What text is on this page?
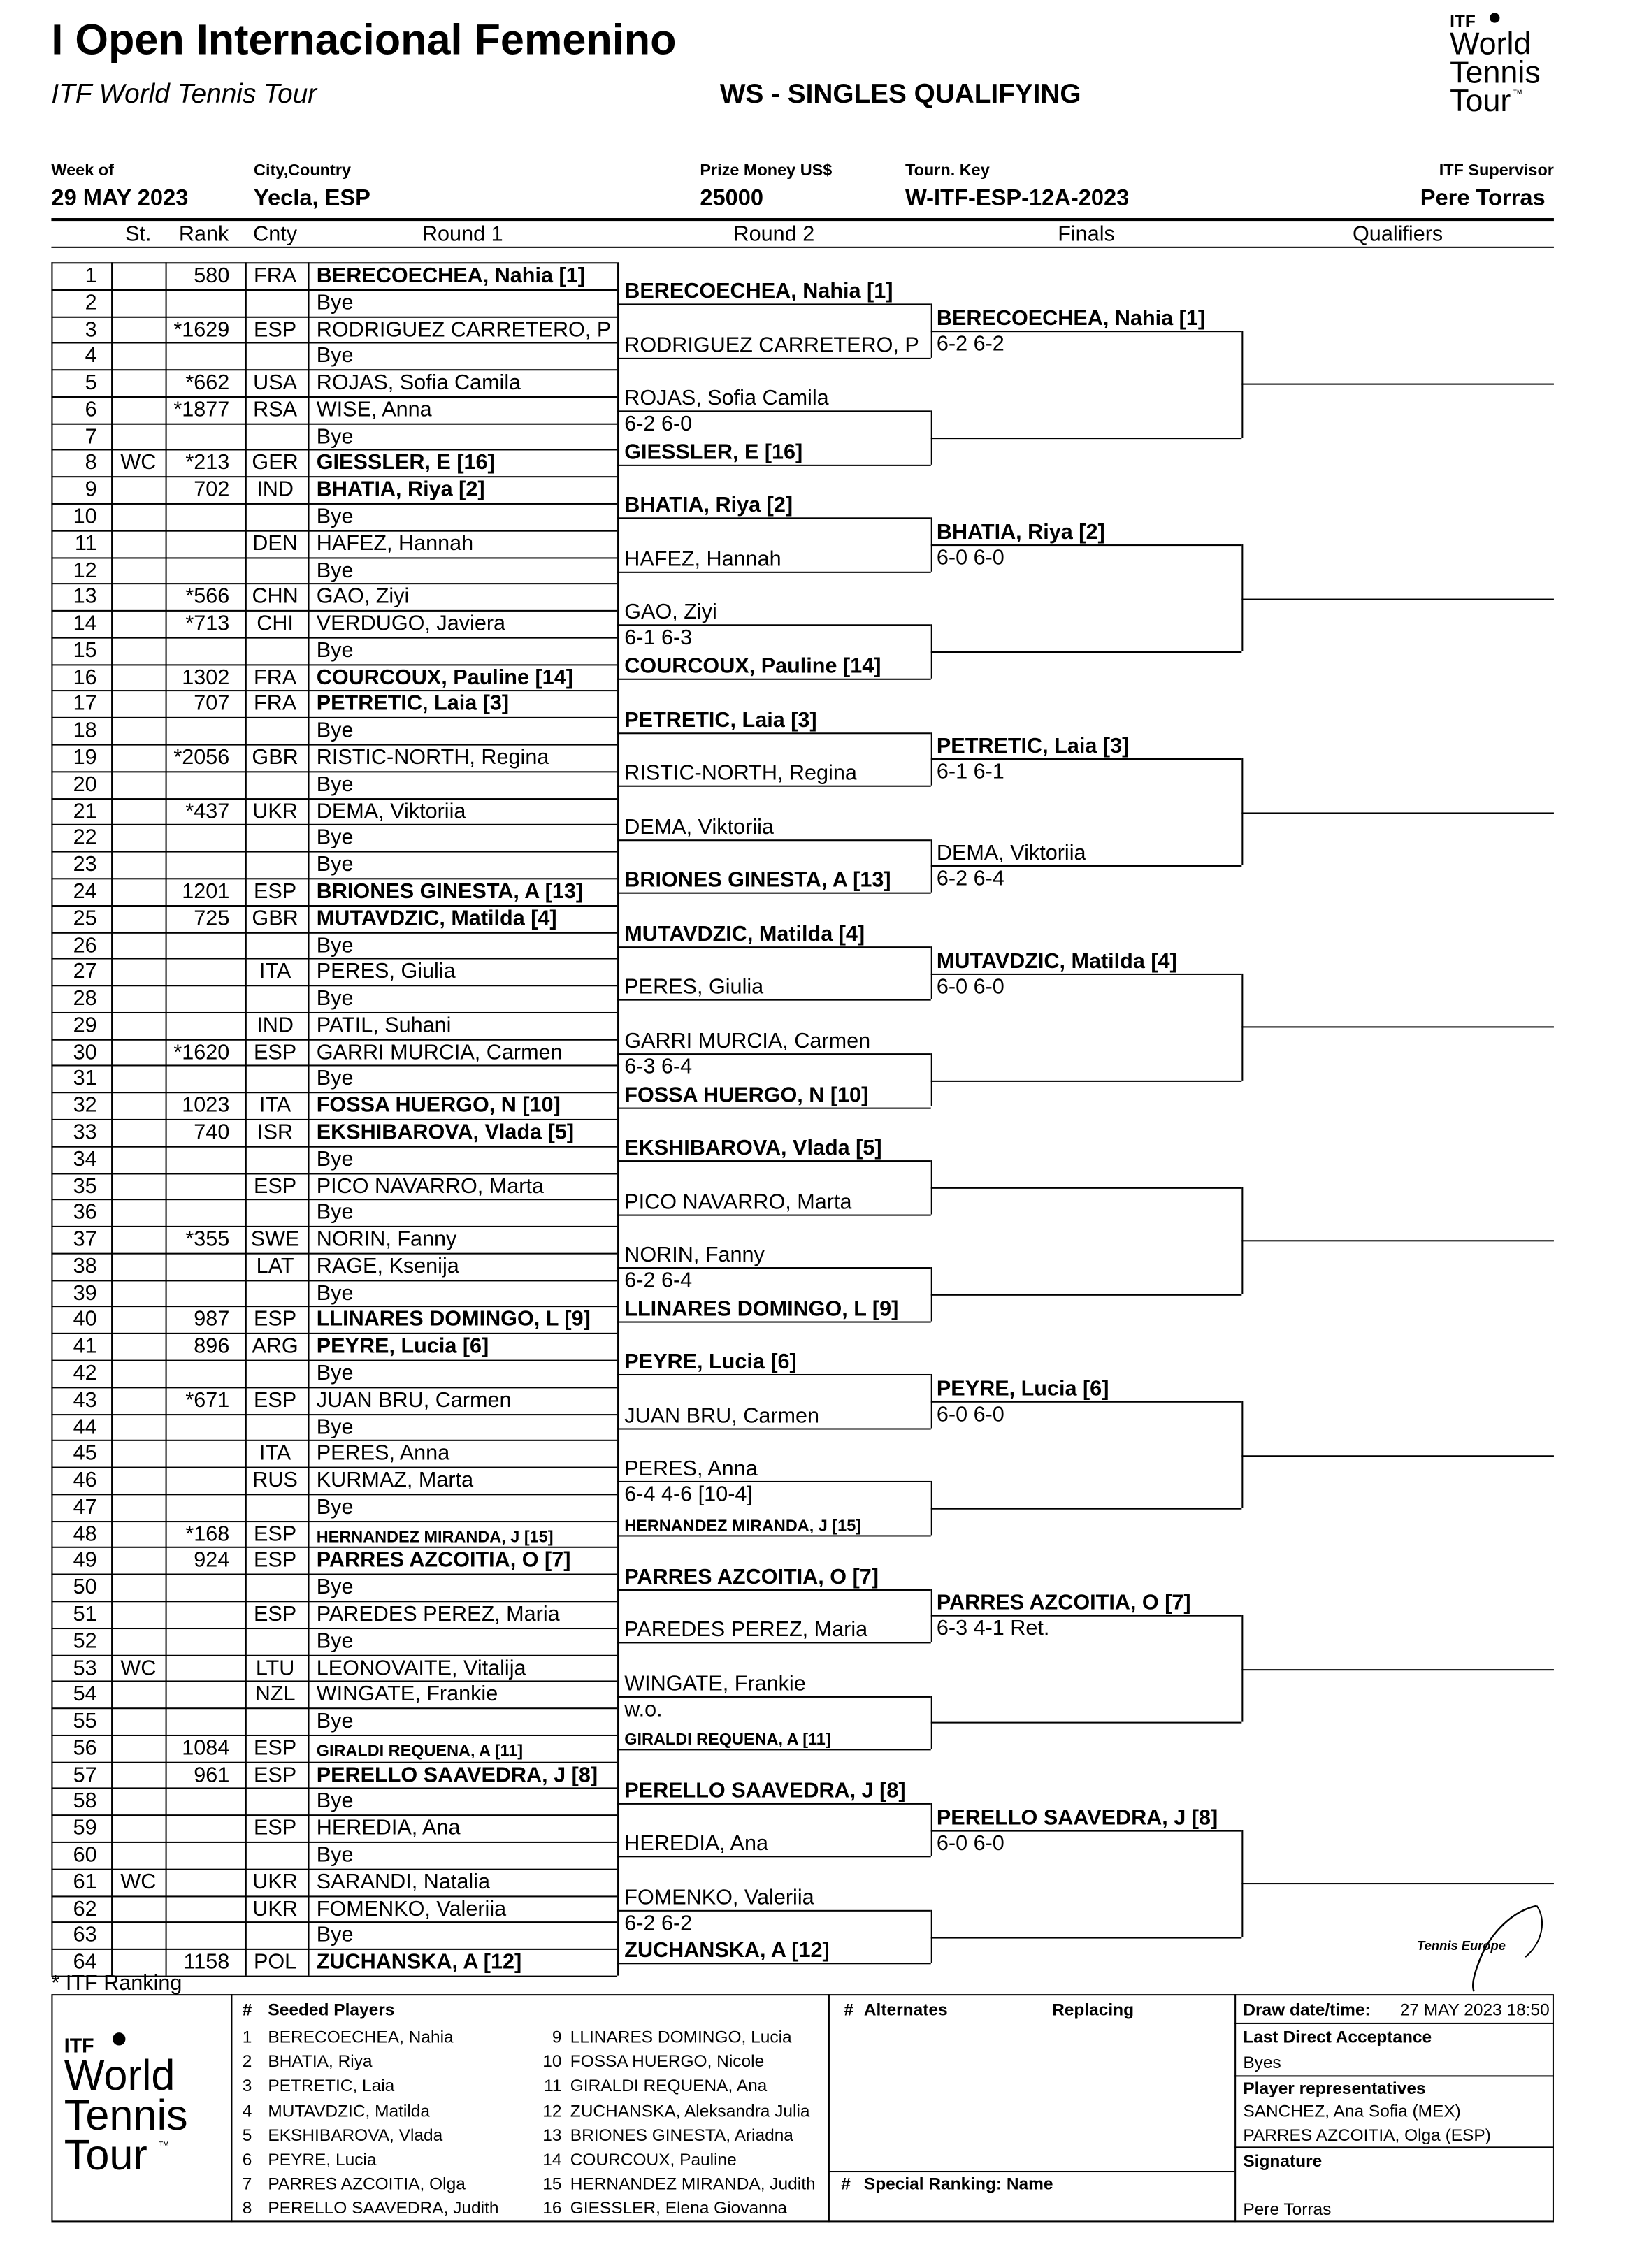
I Open Internacional Femenino
ITF World Tennis Tour	WS - SINGLES QUALIFYING
ITF
World
Tennis
Tour ™
Week of
29 MAY 2023
City,Country
Yecla, ESP
Prize Money US$
25000
Tourn. Key
W-ITF-ESP-12A-2023
ITF Supervisor
Pere Torras
St.	Rank	Cnty	Round 1	Round 2	Finals	Qualifiers
1	580	FRA	BERECOECHEA, Nahia [1]
2	Bye
3	*1629	ESP	RODRIGUEZ CARRETERO, P
4	Bye
5	*662	USA	ROJAS, Sofia Camila
6	*1877	RSA	WISE, Anna
7	Bye
8	WC	*213	GER	GIESSLER, E [16]
9	702	IND	BHATIA, Riya [2]
10	Bye
11	DEN	HAFEZ, Hannah
12	Bye
13	*566	CHN	GAO, Ziyi
14	*713	CHI	VERDUGO, Javiera
15	Bye
16	1302	FRA	COURCOUX, Pauline [14]
17	707	FRA	PETRETIC, Laia [3]
18	Bye
19	*2056	GBR	RISTIC-NORTH, Regina
20	Bye
21	*437	UKR	DEMA, Viktoriia
22	Bye
23	Bye
24	1201	ESP	BRIONES GINESTA, A [13]
25	725	GBR	MUTAVDZIC, Matilda [4]
26	Bye
27	ITA	PERES, Giulia
28	Bye
29	IND	PATIL, Suhani
30	*1620	ESP	GARRI MURCIA, Carmen
31	Bye
32	1023	ITA	FOSSA HUERGO, N [10]
33	740	ISR	EKSHIBAROVA, Vlada [5]
34	Bye
35	ESP	PICO NAVARRO, Marta
36	Bye
37	*355	SWE	NORIN, Fanny
38	LAT	RAGE, Ksenija
39	Bye
40	987	ESP	LLINARES DOMINGO, L [9]
41	896	ARG	PEYRE, Lucia [6]
42	Bye
43	*671	ESP	JUAN BRU, Carmen
44	Bye
45	ITA	PERES, Anna
46	RUS	KURMAZ, Marta
47	Bye
48	*168	ESP	HERNANDEZ MIRANDA, J [15]
49	924	ESP	PARRES AZCOITIA, O [7]
50	Bye
51	ESP	PAREDES PEREZ, Maria
52	Bye
53	WC	LTU	LEONOVAITE, Vitalija
54	NZL	WINGATE, Frankie
55	Bye
56	1084	ESP	GIRALDI REQUENA, A [11]
57	961	ESP	PERELLO SAAVEDRA, J [8]
58	Bye
59	ESP	HEREDIA, Ana
60	Bye
61	WC	UKR	SARANDI, Natalia
62	UKR	FOMENKO, Valeriia
63	Bye
64	1158	POL	ZUCHANSKA, A [12]
BERECOECHEA, Nahia [1]
RODRIGUEZ CARRETERO, P
ROJAS, Sofia Camila
6-2 6-0
GIESSLER, E [16]
BHATIA, Riya [2]
HAFEZ, Hannah
GAO, Ziyi
6-1 6-3
COURCOUX, Pauline [14]
PETRETIC, Laia [3]
RISTIC-NORTH, Regina
DEMA, Viktoriia
BRIONES GINESTA, A [13]
MUTAVDZIC, Matilda [4]
PERES, Giulia
GARRI MURCIA, Carmen
6-3 6-4
FOSSA HUERGO, N [10]
EKSHIBAROVA, Vlada [5]
PICO NAVARRO, Marta
NORIN, Fanny
6-2 6-4
LLINARES DOMINGO, L [9]
PEYRE, Lucia [6]
JUAN BRU, Carmen
PERES, Anna
6-4 4-6 [10-4]
HERNANDEZ MIRANDA, J [15]
PARRES AZCOITIA, O [7]
PAREDES PEREZ, Maria
WINGATE, Frankie
w.o.
GIRALDI REQUENA, A [11]
PERELLO SAAVEDRA, J [8]
HEREDIA, Ana
FOMENKO, Valeriia
6-2 6-2
ZUCHANSKA, A [12]
BERECOECHEA, Nahia [1]
6-2 6-2
BHATIA, Riya [2]
6-0 6-0
PETRETIC, Laia [3]
6-1 6-1
DEMA, Viktoriia
6-2 6-4
MUTAVDZIC, Matilda [4]
6-0 6-0
PEYRE, Lucia [6]
6-0 6-0
PARRES AZCOITIA, O [7]
6-3 4-1 Ret.
PERELLO SAAVEDRA, J [8]
6-0 6-0
* ITF Ranking
Tennis Europe
ITF
World
Tennis
Tour ™
# Seeded Players
1 BERECOECHEA, Nahia
2 BHATIA, Riya
3 PETRETIC, Laia
4 MUTAVDZIC, Matilda
5 EKSHIBAROVA, Vlada
6 PEYRE, Lucia
7 PARRES AZCOITIA, Olga
8 PERELLO SAAVEDRA, Judith
9 LLINARES DOMINGO, Lucia
10 FOSSA HUERGO, Nicole
11 GIRALDI REQUENA, Ana
12 ZUCHANSKA, Aleksandra Julia
13 BRIONES GINESTA, Ariadna
14 COURCOUX, Pauline
15 HERNANDEZ MIRANDA, Judith
16 GIESSLER, Elena Giovanna
# Alternates	Replacing
# Special Ranking: Name
Draw date/time:	27 MAY 2023 18:50
Last Direct Acceptance
Byes
Player representatives
SANCHEZ, Ana Sofia (MEX)
PARRES AZCOITIA, Olga (ESP)
Signature
Pere Torras
